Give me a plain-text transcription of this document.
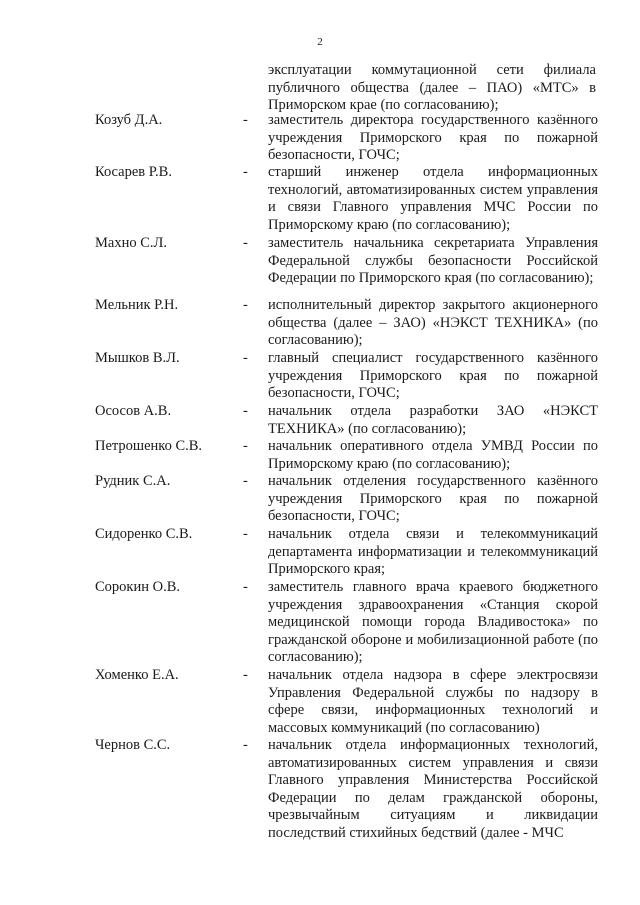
2
эксплуатации коммутационной сети филиала публичного общества (далее – ПАО) «МТС» в Приморском крае (по согласованию);
Козуб Д.А.	-	заместитель директора государственного казённого учреждения Приморского края по пожарной безопасности, ГОЧС;
Косарев Р.В.	-	старший инженер отдела информационных технологий, автоматизированных систем управления и связи Главного управления МЧС России по Приморскому краю (по согласованию);
Махно С.Л.	-	заместитель начальника секретариата Управления Федеральной службы безопасности Российской Федерации по Приморского края (по согласованию);
Мельник Р.Н.	-	исполнительный директор закрытого акционерного общества (далее – ЗАО) «НЭКСТ ТЕХНИКА» (по согласованию);
Мышков В.Л.	-	главный специалист государственного казённого учреждения Приморского края по пожарной безопасности, ГОЧС;
Ососов А.В.	-	начальник отдела разработки ЗАО «НЭКСТ ТЕХНИКА» (по согласованию);
Петрошенко С.В.	-	начальник оперативного отдела УМВД России по Приморскому краю (по согласованию);
Рудник С.А.	-	начальник отделения государственного казённого учреждения Приморского края по пожарной безопасности, ГОЧС;
Сидоренко С.В.	-	начальник отдела связи и телекоммуникаций департамента информатизации и телекоммуникаций Приморского края;
Сорокин О.В.	-	заместитель главного врача краевого бюджетного учреждения здравоохранения «Станция скорой медицинской помощи города Владивостока» по гражданской обороне и мобилизационной работе (по согласованию);
Хоменко Е.А.	-	начальник отдела надзора в сфере электросвязи Управления Федеральной службы по надзору в сфере связи, информационных технологий и массовых коммуникаций (по согласованию)
Чернов С.С.	-	начальник отдела информационных технологий, автоматизированных систем управления и связи Главного управления Министерства Российской Федерации по делам гражданской обороны, чрезвычайным ситуациям и ликвидации последствий стихийных бедствий (далее - МЧС
